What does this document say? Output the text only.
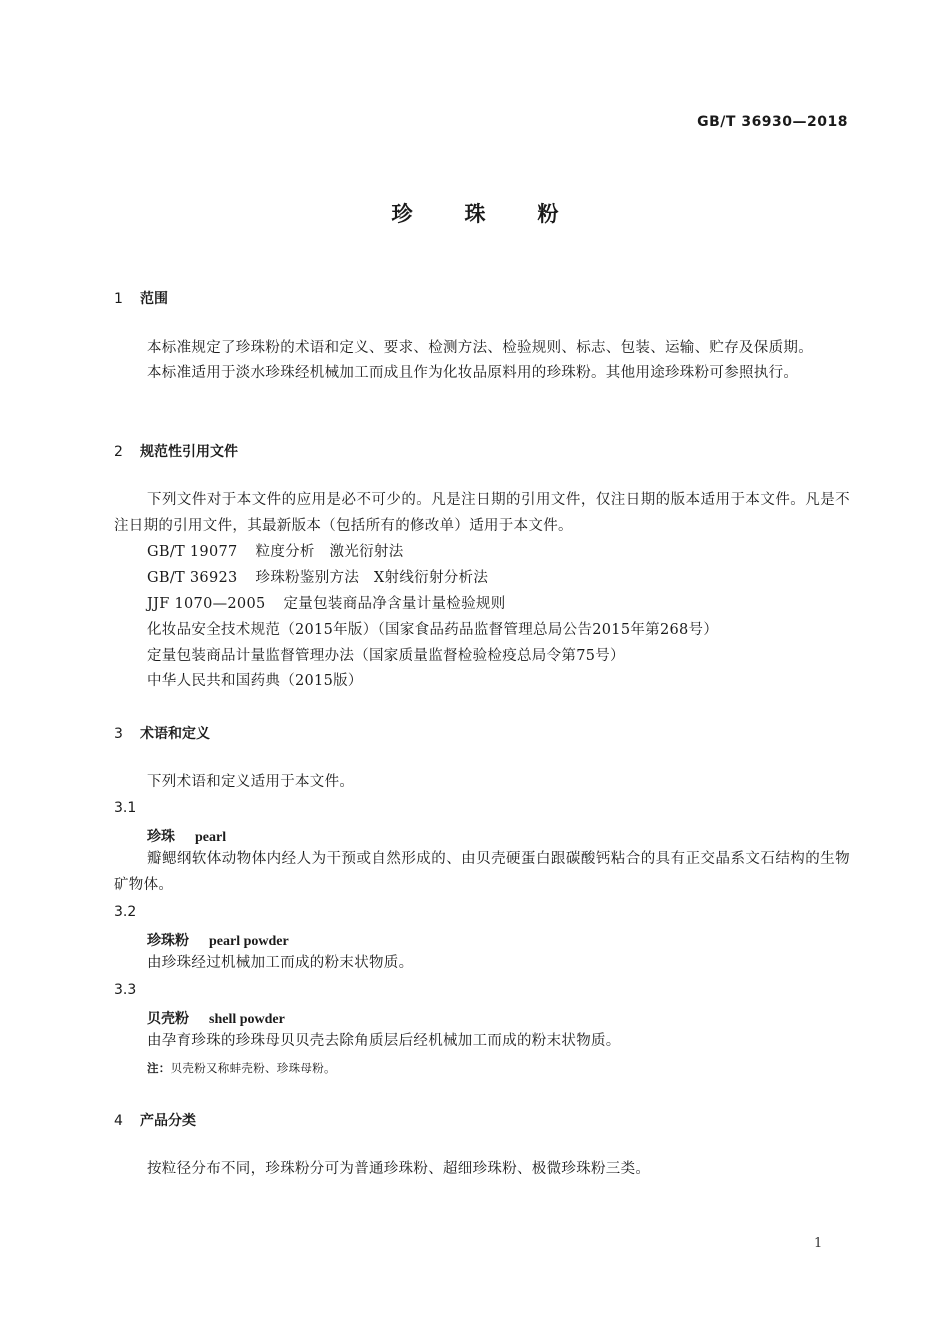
GB/T 36930—2018
珍 珠 粉
1 范围
本标准规定了珍珠粉的术语和定义、要求、检测方法、检验规则、标志、包装、运输、贮存及保质期。
本标准适用于淡水珍珠经机械加工而成且作为化妆品原料用的珍珠粉。其他用途珍珠粉可参照执行。
2 规范性引用文件
下列文件对于本文件的应用是必不可少的。凡是注日期的引用文件，仅注日期的版本适用于本文件。凡是不注日期的引用文件，其最新版本（包括所有的修改单）适用于本文件。
GB/T 19077 粒度分析　激光衍射法
GB/T 36923 珍珠粉鉴别方法　X射线衍射分析法
JJF 1070—2005 定量包装商品净含量计量检验规则
化妆品安全技术规范（2015年版）（国家食品药品监督管理总局公告2015年第268号）
定量包装商品计量监督管理办法（国家质量监督检验检疫总局令第75号）
中华人民共和国药典（2015版）
3 术语和定义
下列术语和定义适用于本文件。
3.1
珍珠 pearl
瓣鳃纲软体动物体内经人为干预或自然形成的、由贝壳硬蛋白跟碳酸钙粘合的具有正交晶系文石结构的生物矿物体。
3.2
珍珠粉 pearl powder
由珍珠经过机械加工而成的粉末状物质。
3.3
贝壳粉 shell powder
由孕育珍珠的珍珠母贝贝壳去除角质层后经机械加工而成的粉末状物质。
注：贝壳粉又称蚌壳粉、珍珠母粉。
4 产品分类
按粒径分布不同，珍珠粉分可为普通珍珠粉、超细珍珠粉、极微珍珠粉三类。
1
